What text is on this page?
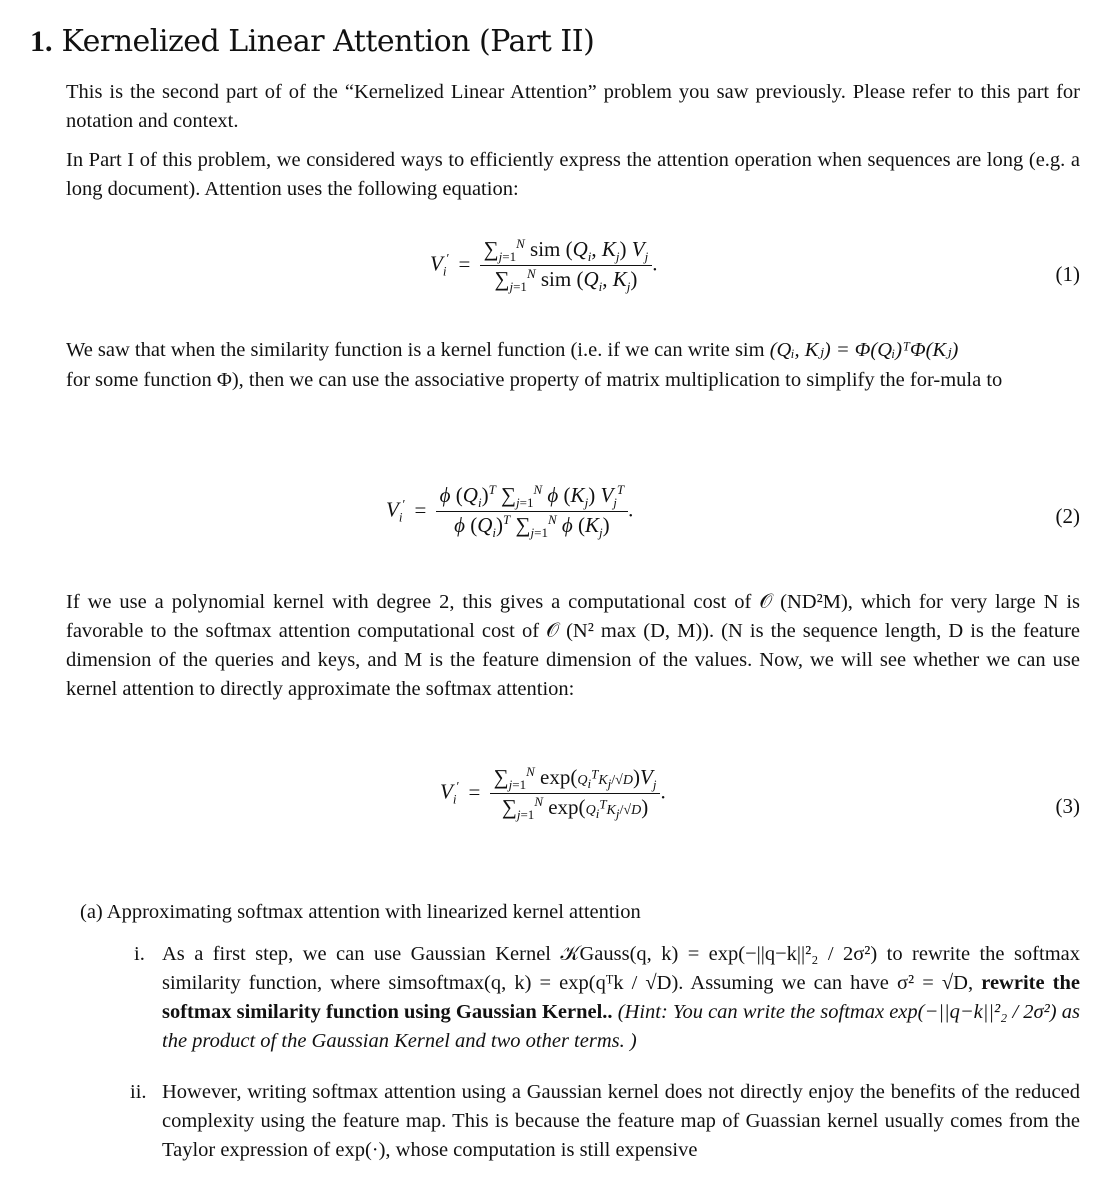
1. Kernelized Linear Attention (Part II)
This is the second part of of the “Kernelized Linear Attention” problem you saw previously. Please refer to this part for notation and context.
In Part I of this problem, we considered ways to efficiently express the attention operation when sequences are long (e.g. a long document). Attention uses the following equation:
$V_i' = \frac{\sum_{j=1}^N sim (Q_i, K_j) V_j}{\sum_{j=1}^N sim (Q_i, K_j)}$ .	(1)
We saw that when the similarity function is a kernel function (i.e. if we can write sim (Qᵢ, Kⱼ) = Φ(Qᵢ)ᵀΦ(Kⱼ)
for some function Φ), then we can use the associative property of matrix multiplication to simplify the for-mula to
$V_i' = \frac{\phi (Q_i)^T \sum_{j=1}^N \phi (K_j) V_j^T}{\phi (Q_i)^T \sum_{j=1}^N \phi (K_j)}$ .	(2)
If we use a polynomial kernel with degree 2, this gives a computational cost of 𝒪 (ND²M), which for very large N is favorable to the softmax attention computational cost of 𝒪 (N² max (D, M)). (N is the sequence length, D is the feature dimension of the queries and keys, and M is the feature dimension of the values. Now, we will see whether we can use kernel attention to directly approximate the softmax attention:
$V_i' = \frac{\sum_{j=1}^N \exp(Q_i^TK_j/√D)V_j}{\sum_{j=1}^N \exp(Q_i^TK_j/√D)}$ .
(3)
(a) Approximating softmax attention with linearized kernel attention
i. As a first step, we can use Gaussian Kernel 𝒦Gauss(q, k) = exp(−||q−k||²₂ / 2σ²) to rewrite the softmax similarity function, where simsoftmax(q, k) = exp(qᵀk / √D). Assuming we can have σ² = √D, rewrite the softmax similarity function using Gaussian Kernel.. (Hint: You can write the softmax exp(−||q−k||²₂ / 2σ²) as the product of the Gaussian Kernel and two other terms. )
ii. However, writing softmax attention using a Gaussian kernel does not directly enjoy the benefits of the reduced complexity using the feature map. This is because the feature map of Guassian kernel usually comes from the Taylor expression of exp(·), whose computation is still expensive
